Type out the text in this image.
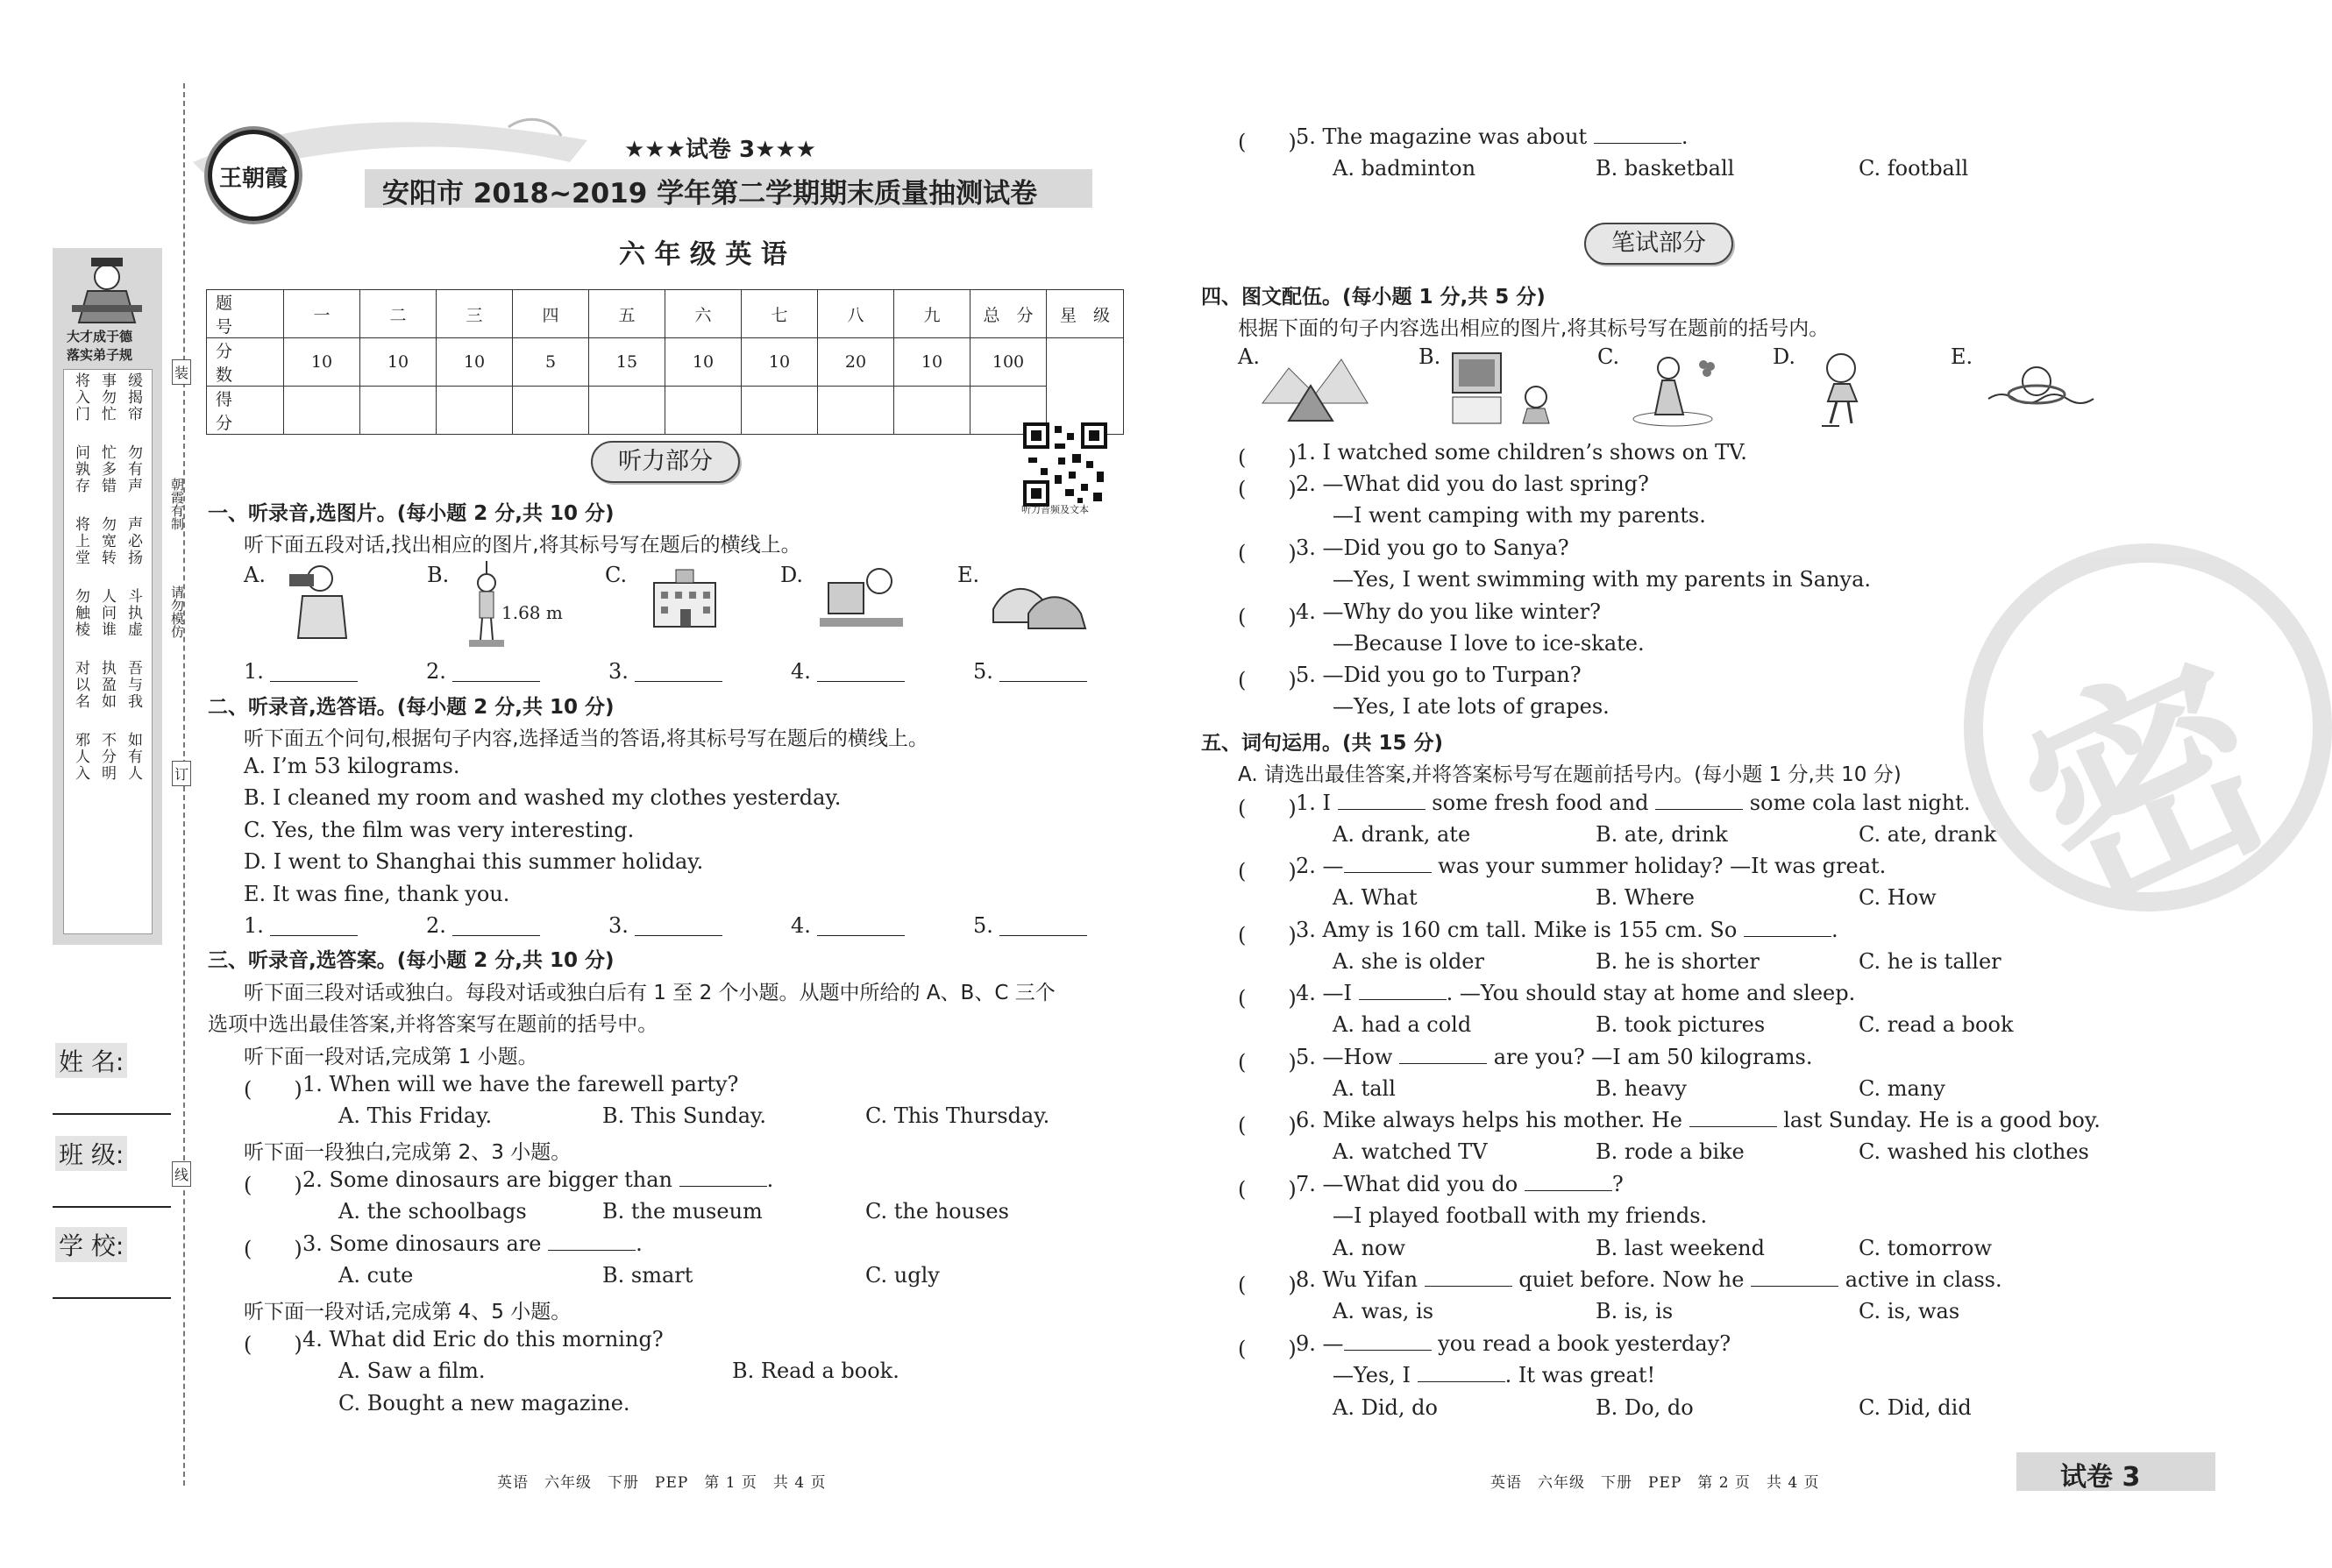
装
订
线
大才成于德
落实弟子规
将入门 事勿忙 缓揭帘
问孰存 忙多错 勿有声
将上堂 勿宽转 声必扬
勿触棱 人问谁 斗执虚
对以名 执盈如 吾与我
邪人入 不分明 如有人
朝霞有制
请勿模仿
姓 名:
班 级:
学 校:
王朝霞
★★★试卷 3★★★
安阳市 2018~2019 学年第二学期期末质量抽测试卷
六 年 级 英 语
题　号	一	二	三	四	五	六	七	八	九	总　分	星　级
分　数	10	10	10	5	15	10	10	20	10	100	
得　分											
听力音频及文本
听力部分
一、听录音,选图片。(每小题 2 分,共 10 分)
听下面五段对话,找出相应的图片,将其标号写在题后的横线上。
A.	B.
1.68 m
C.	D.	E.
1.	2.	3.	4.	5.
二、听录音,选答语。(每小题 2 分,共 10 分)
听下面五个问句,根据句子内容,选择适当的答语,将其标号写在题后的横线上。
A. I’m 53 kilograms.
B. I cleaned my room and washed my clothes yesterday.
C. Yes, the film was very interesting.
D. I went to Shanghai this summer holiday.
E. It was fine, thank you.
1.	2.	3.	4.	5.
三、听录音,选答案。(每小题 2 分,共 10 分)
听下面三段对话或独白。每段对话或独白后有 1 至 2 个小题。从题中所给的 A、B、C 三个
选项中选出最佳答案,并将答案写在题前的括号中。
听下面一段对话,完成第 1 小题。
(　　) 1. When will we have the farewell party?
A. This Friday.	B. This Sunday.	C. This Thursday.
听下面一段独白,完成第 2、3 小题。
(　　) 2. Some dinosaurs are bigger than	.
A. the schoolbags	B. the museum	C. the houses
(　　) 3. Some dinosaurs are	.
A. cute	B. smart	C. ugly
听下面一段对话,完成第 4、5 小题。
(　　) 4. What did Eric do this morning?
A. Saw a film.	B. Read a book.
C. Bought a new magazine.
英语　六年级　下册　PEP　第 1 页　共 4 页
(　　) 5. The magazine was about	.
A. badminton	B. basketball	C. football
笔试部分
四、图文配伍。(每小题 1 分,共 5 分)
根据下面的句子内容选出相应的图片,将其标号写在题前的括号内。
A.	B.	C.	D.	E.
(　　) 1. I watched some children’s shows on TV.
(　　) 2. —What did you do last spring?
—I went camping with my parents.
(　　) 3. —Did you go to Sanya?
—Yes, I went swimming with my parents in Sanya.
(　　) 4. —Why do you like winter?
—Because I love to ice-skate.
(　　) 5. —Did you go to Turpan?
—Yes, I ate lots of grapes.
五、词句运用。(共 15 分)
A. 请选出最佳答案,并将答案标号写在题前括号内。(每小题 1 分,共 10 分)
(　　) 1. I	some fresh food and	some cola last night.
A. drank, ate	B. ate, drink	C. ate, drank
(　　) 2. —	was your summer holiday? —It was great.
A. What	B. Where	C. How
(　　) 3. Amy is 160 cm tall. Mike is 155 cm. So	.
A. she is older	B. he is shorter	C. he is taller
(　　) 4. —I	. —You should stay at home and sleep.
A. had a cold	B. took pictures	C. read a book
(　　) 5. —How	are you? —I am 50 kilograms.
A. tall	B. heavy	C. many
(　　) 6. Mike always helps his mother. He	last Sunday. He is a good boy.
A. watched TV	B. rode a bike	C. washed his clothes
(　　) 7. —What did you do	?
—I played football with my friends.
A. now	B. last weekend	C. tomorrow
(　　) 8. Wu Yifan	quiet before. Now he	active in class.
A. was, is	B. is, is	C. is, was
(　　) 9. —	you read a book yesterday?
—Yes, I	. It was great!
A. Did, do	B. Do, do	C. Did, did
密
英语　六年级　下册　PEP　第 2 页　共 4 页	试卷 3
